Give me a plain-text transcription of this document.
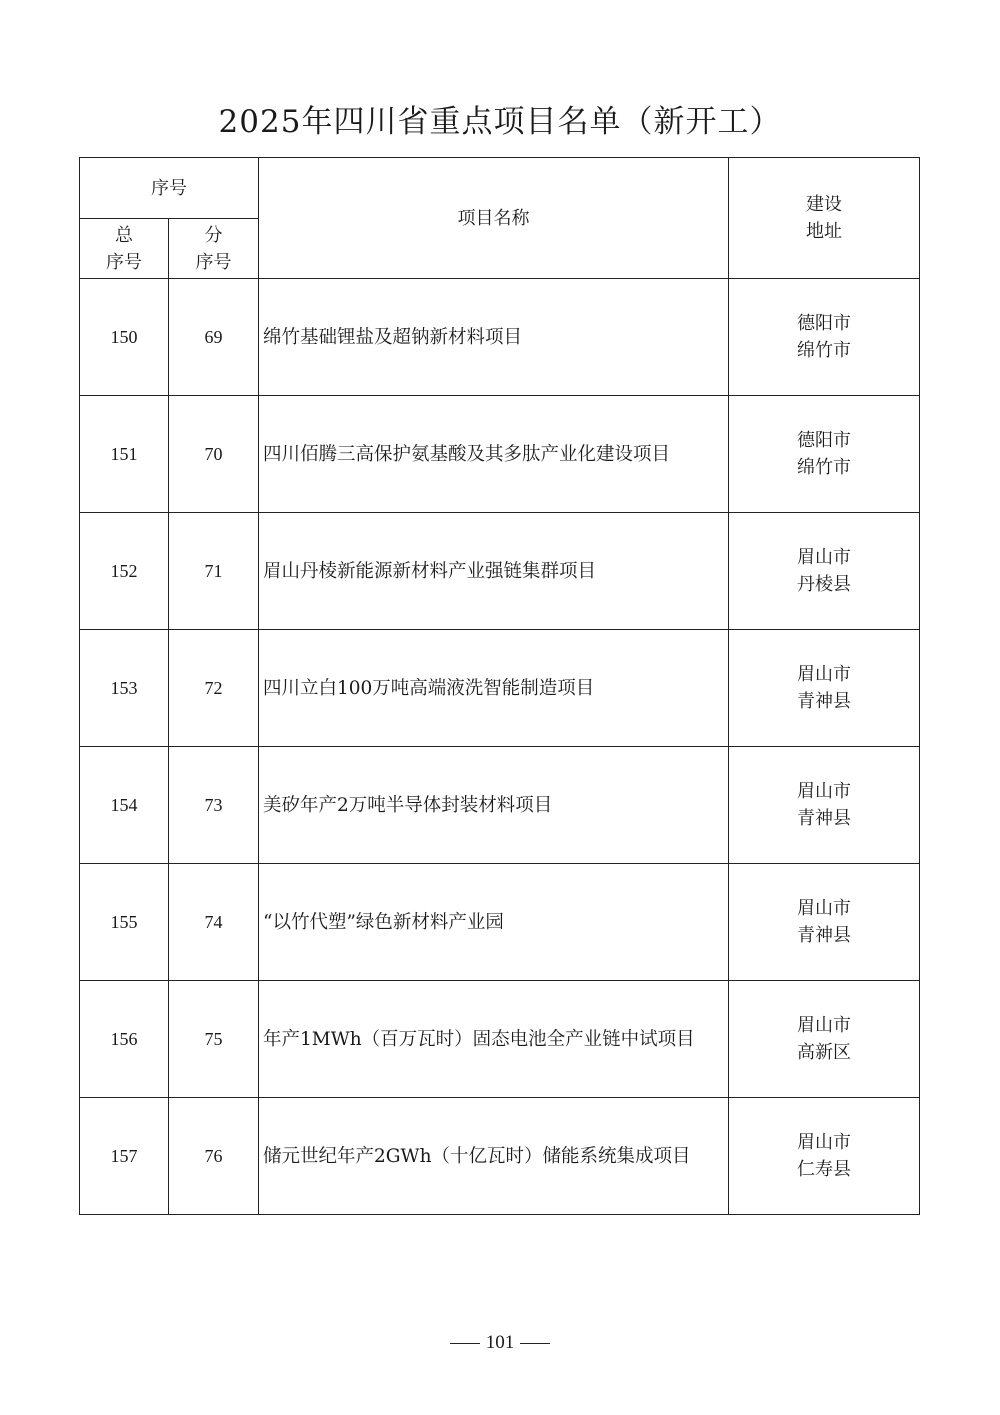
2025年四川省重点项目名单（新开工）
序号		项目名称	建设
地址

总
序号	分
序号		

150	69	绵竹基础锂盐及超钠新材料项目	德阳市
绵竹市

151	70	四川佰腾三高保护氨基酸及其多肽产业化建设项目	德阳市
绵竹市

152	71	眉山丹棱新能源新材料产业强链集群项目	眉山市
丹棱县

153	72	四川立白100万吨高端液洗智能制造项目	眉山市
青神县

154	73	美矽年产2万吨半导体封装材料项目	眉山市
青神县

155	74	“以竹代塑”绿色新材料产业园	眉山市
青神县

156	75	年产1MWh（百万瓦时）固态电池全产业链中试项目	眉山市
高新区

157	76	储元世纪年产2GWh（十亿瓦时）储能系统集成项目	眉山市
仁寿县
101
